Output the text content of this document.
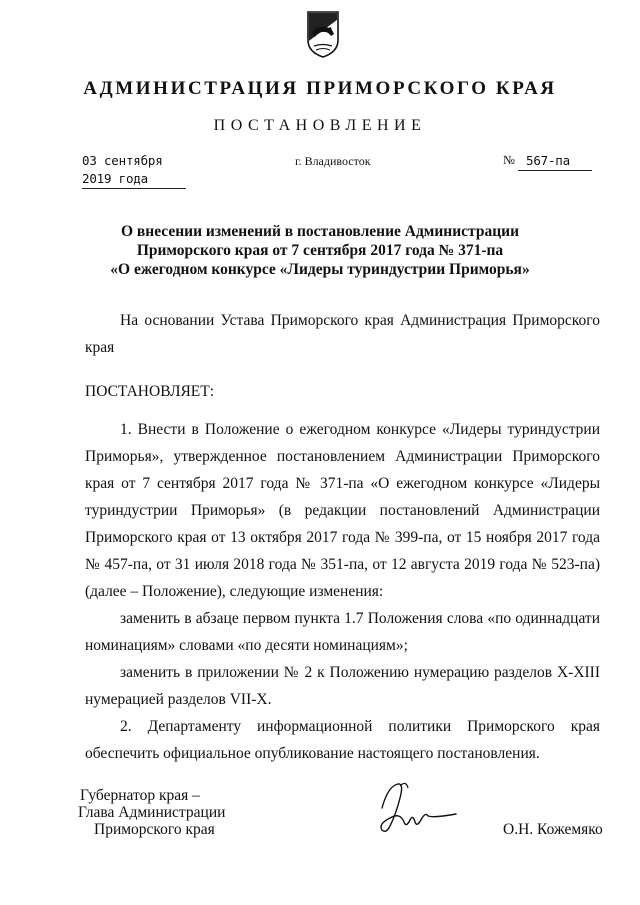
АДМИНИСТРАЦИЯ ПРИМОРСКОГО КРАЯ
ПОСТАНОВЛЕНИЕ
03 сентября 2019 года
г. Владивосток	№ 567-па
О внесении изменений в постановление Администрации
Приморского края от 7 сентября 2017 года № 371-па
«О ежегодном конкурсе «Лидеры туриндустрии Приморья»

На основании Устава Приморского края Администрация Приморского края

ПОСТАНОВЛЯЕТ:

1. Внести в Положение о ежегодном конкурсе «Лидеры туриндустрии Приморья», утвержденное постановлением Администрации Приморского края от 7 сентября 2017 года № 371-па «О ежегодном конкурсе «Лидеры туриндустрии Приморья» (в редакции постановлений Администрации Приморского края от 13 октября 2017 года № 399-па, от 15 ноября 2017 года № 457-па, от 31 июля 2018 года № 351-па, от 12 августа 2019 года № 523-па) (далее – Положение), следующие изменения:

заменить в абзаце первом пункта 1.7 Положения слова «по одиннадцати номинациям» словами «по десяти номинациям»;

заменить в приложении № 2 к Положению нумерацию разделов X-XIII нумерацией разделов VII-X.

2. Департаменту информационной политики Приморского края обеспечить официальное опубликование настоящего постановления.

Губернатор края –
Глава Администрации
Приморского края	О.Н. Кожемяко
